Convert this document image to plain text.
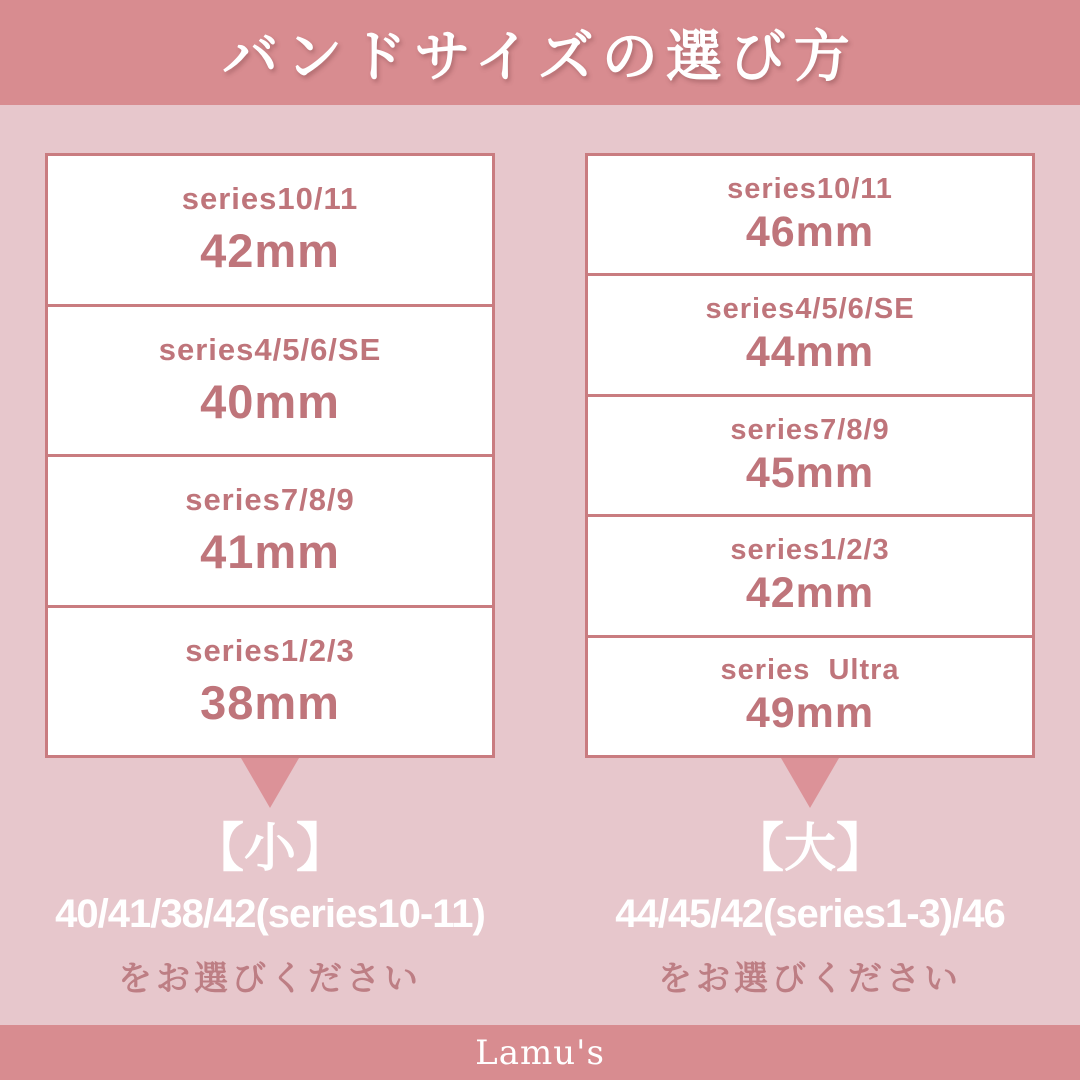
バンドサイズの選び方
series10/11
42mm
series4/5/6/SE
40mm
series7/8/9
41mm
series1/2/3
38mm
series10/11
46mm
series4/5/6/SE
44mm
series7/8/9
45mm
series1/2/3
42mm
series  Ultra
49mm
【小】
40/41/38/42(series10-11)
をお選びください
【大】
44/45/42(series1-3)/46
をお選びください
Lamu's
